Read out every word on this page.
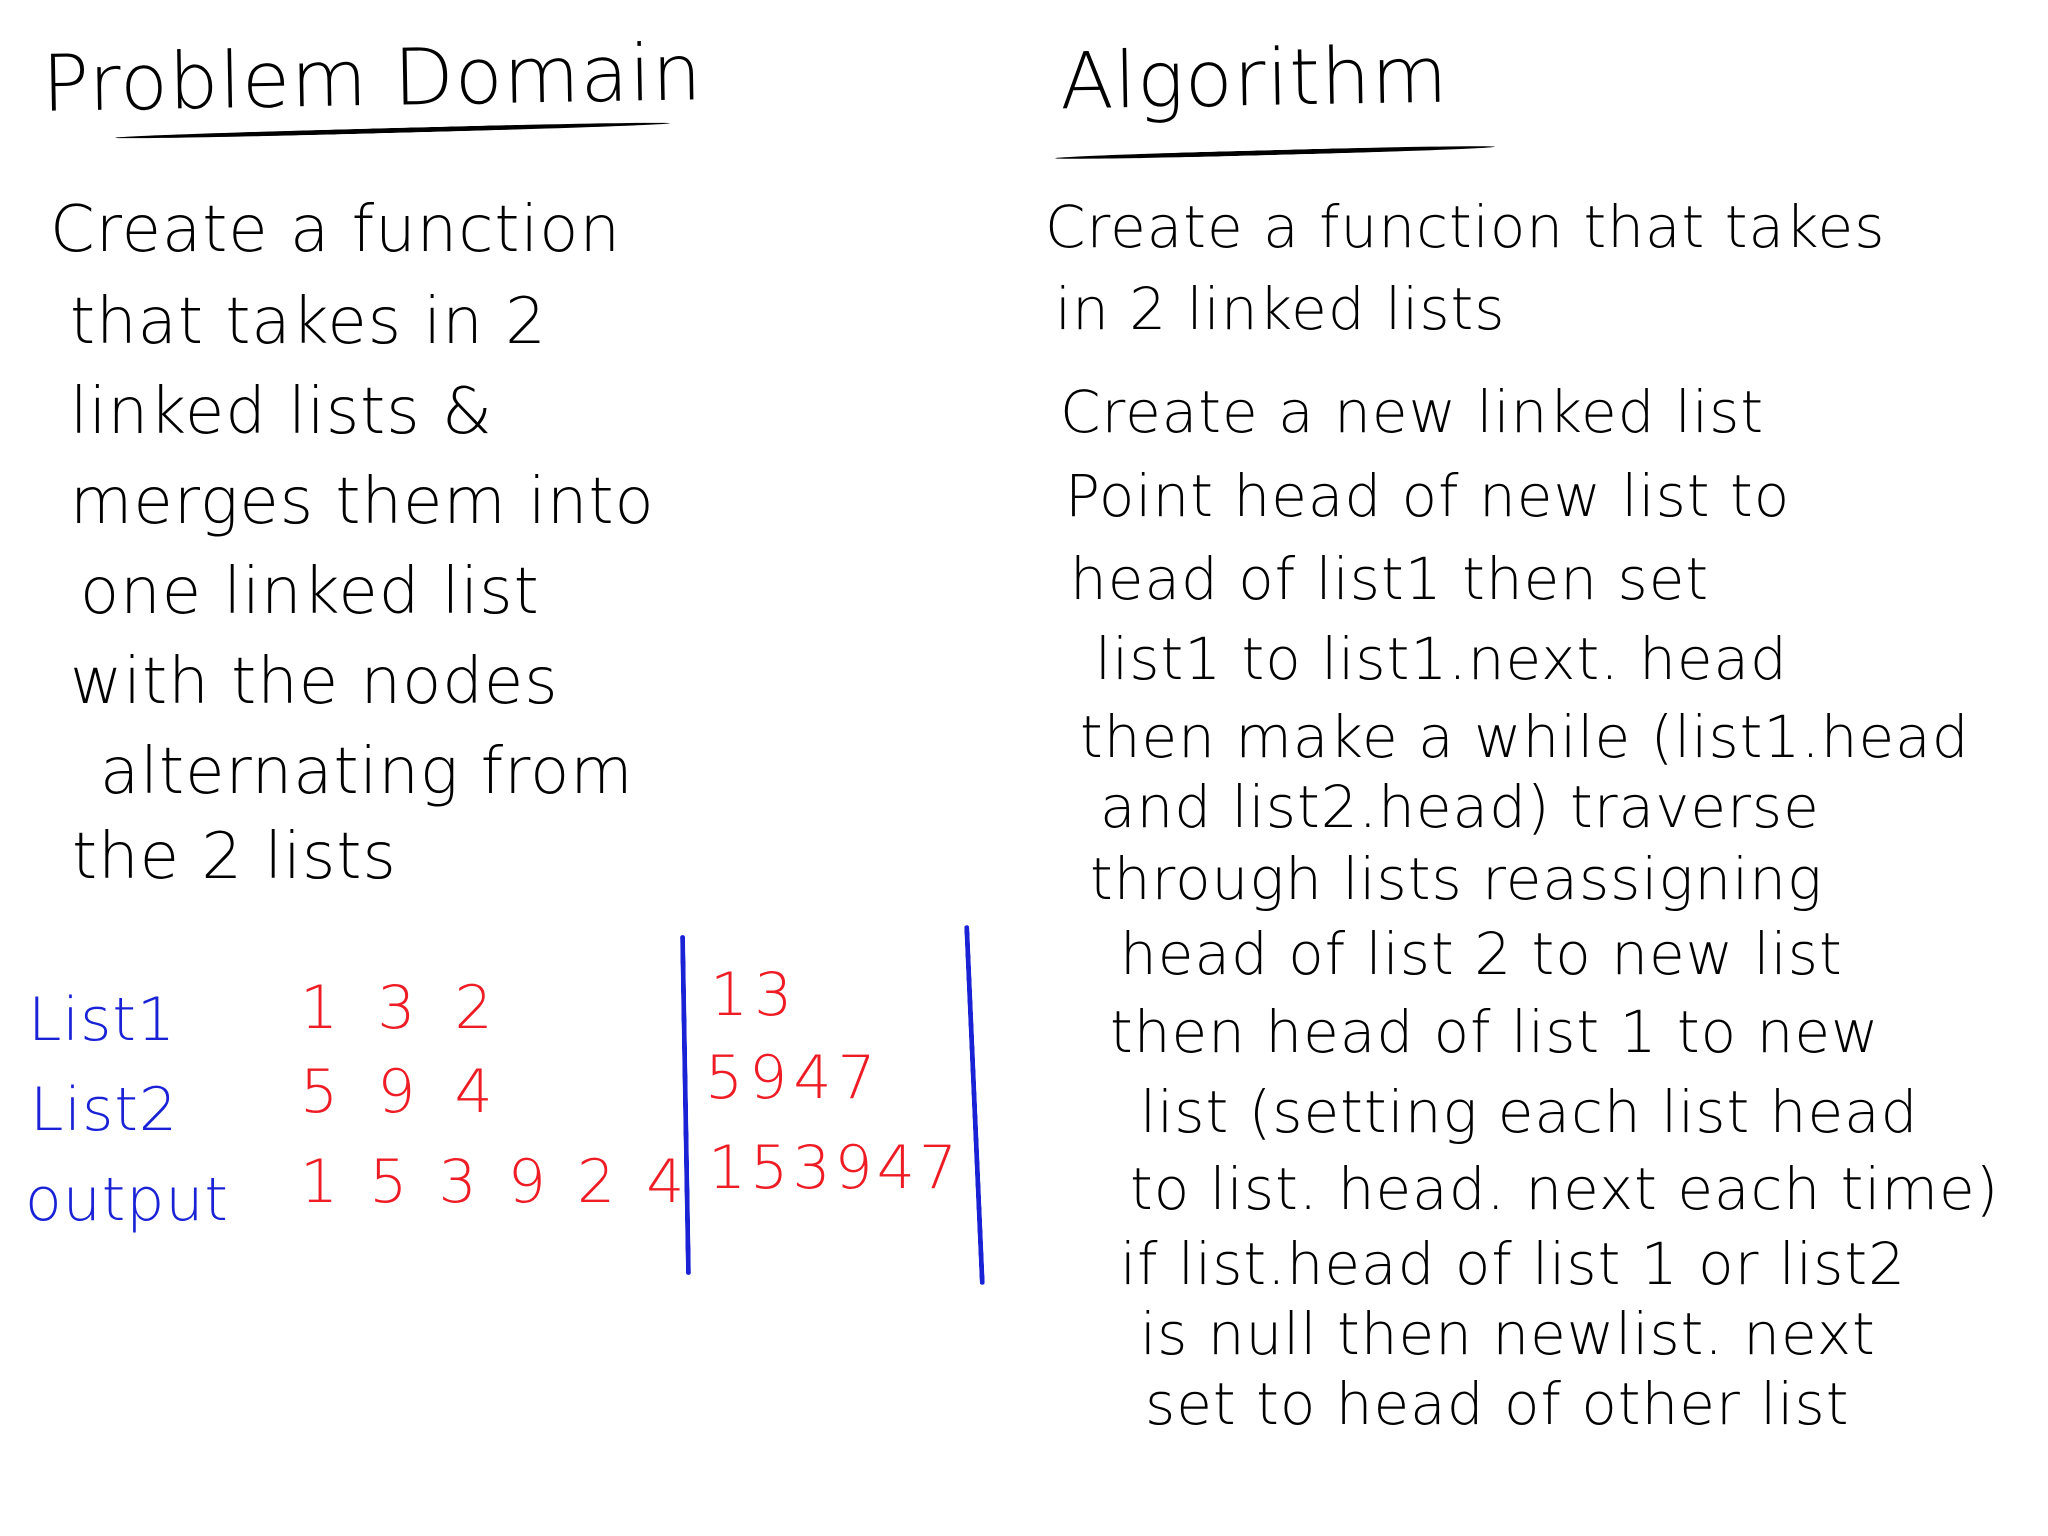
Problem Domain
Create a function
that takes in 2
linked lists &
merges them into
one linked list
with the nodes
alternating from
the 2 lists
List1
List2
output
1 3 2
5 9 4
1 5 3 9 2 4
13
5947
153947
Algorithm
Create a function that takes
in 2 linked lists
Create a new linked list
Point head of new list to
head of list1 then set
list1 to list1.next. head
then make a while (list1.head
and list2.head) traverse
through lists reassigning
head of list 2 to new list
then head of list 1 to new
list (setting each list head
to list. head. next each time)
if list.head of list 1 or list2
is null then newlist. next
set to head of other list
